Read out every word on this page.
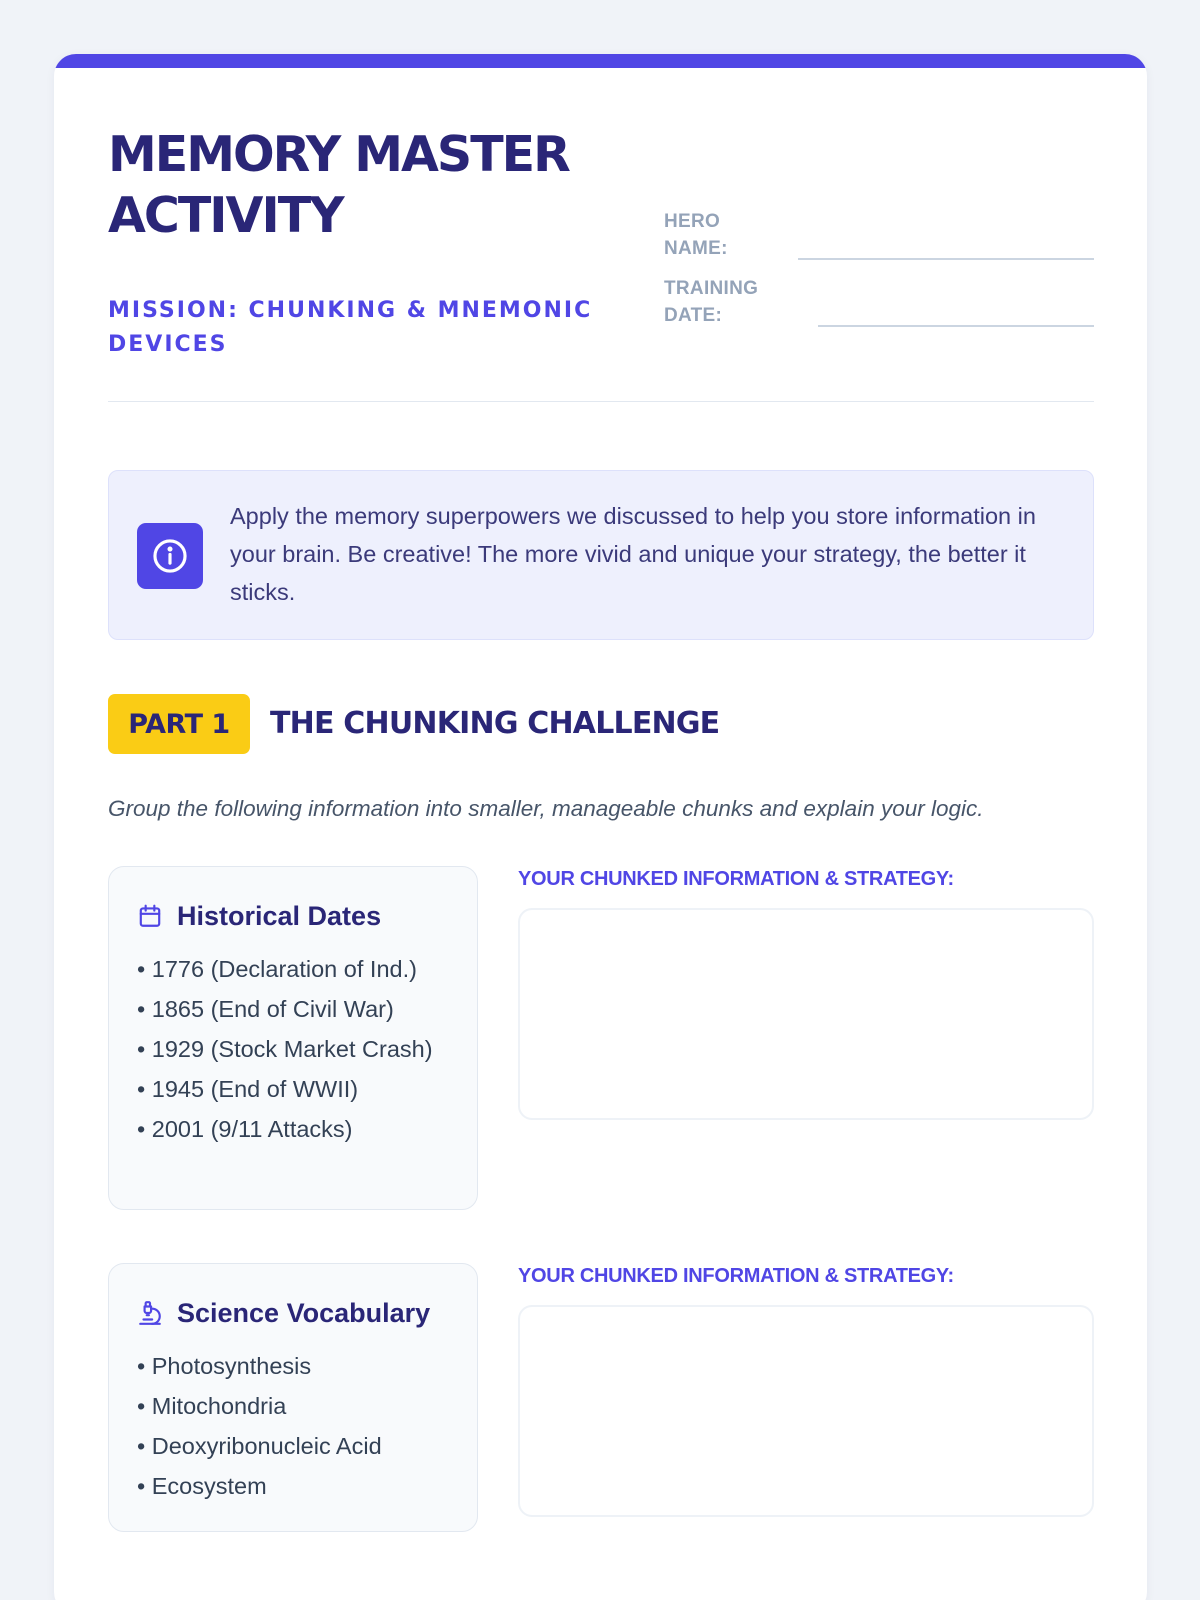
MEMORY MASTER ACTIVITY
MISSION: CHUNKING & MNEMONIC DEVICES
HERO NAME:
TRAINING DATE:

Apply the memory superpowers we discussed to help you store information in your brain. Be creative! The more vivid and unique your strategy, the better it sticks.

PART 1	THE CHUNKING CHALLENGE

Group the following information into smaller, manageable chunks and explain your logic.

Historical Dates
• 1776 (Declaration of Ind.)
• 1865 (End of Civil War)
• 1929 (Stock Market Crash)
• 1945 (End of WWII)
• 2001 (9/11 Attacks)
YOUR CHUNKED INFORMATION & STRATEGY:
Science Vocabulary
• Photosynthesis
• Mitochondria
• Deoxyribonucleic Acid
• Ecosystem
YOUR CHUNKED INFORMATION & STRATEGY:
